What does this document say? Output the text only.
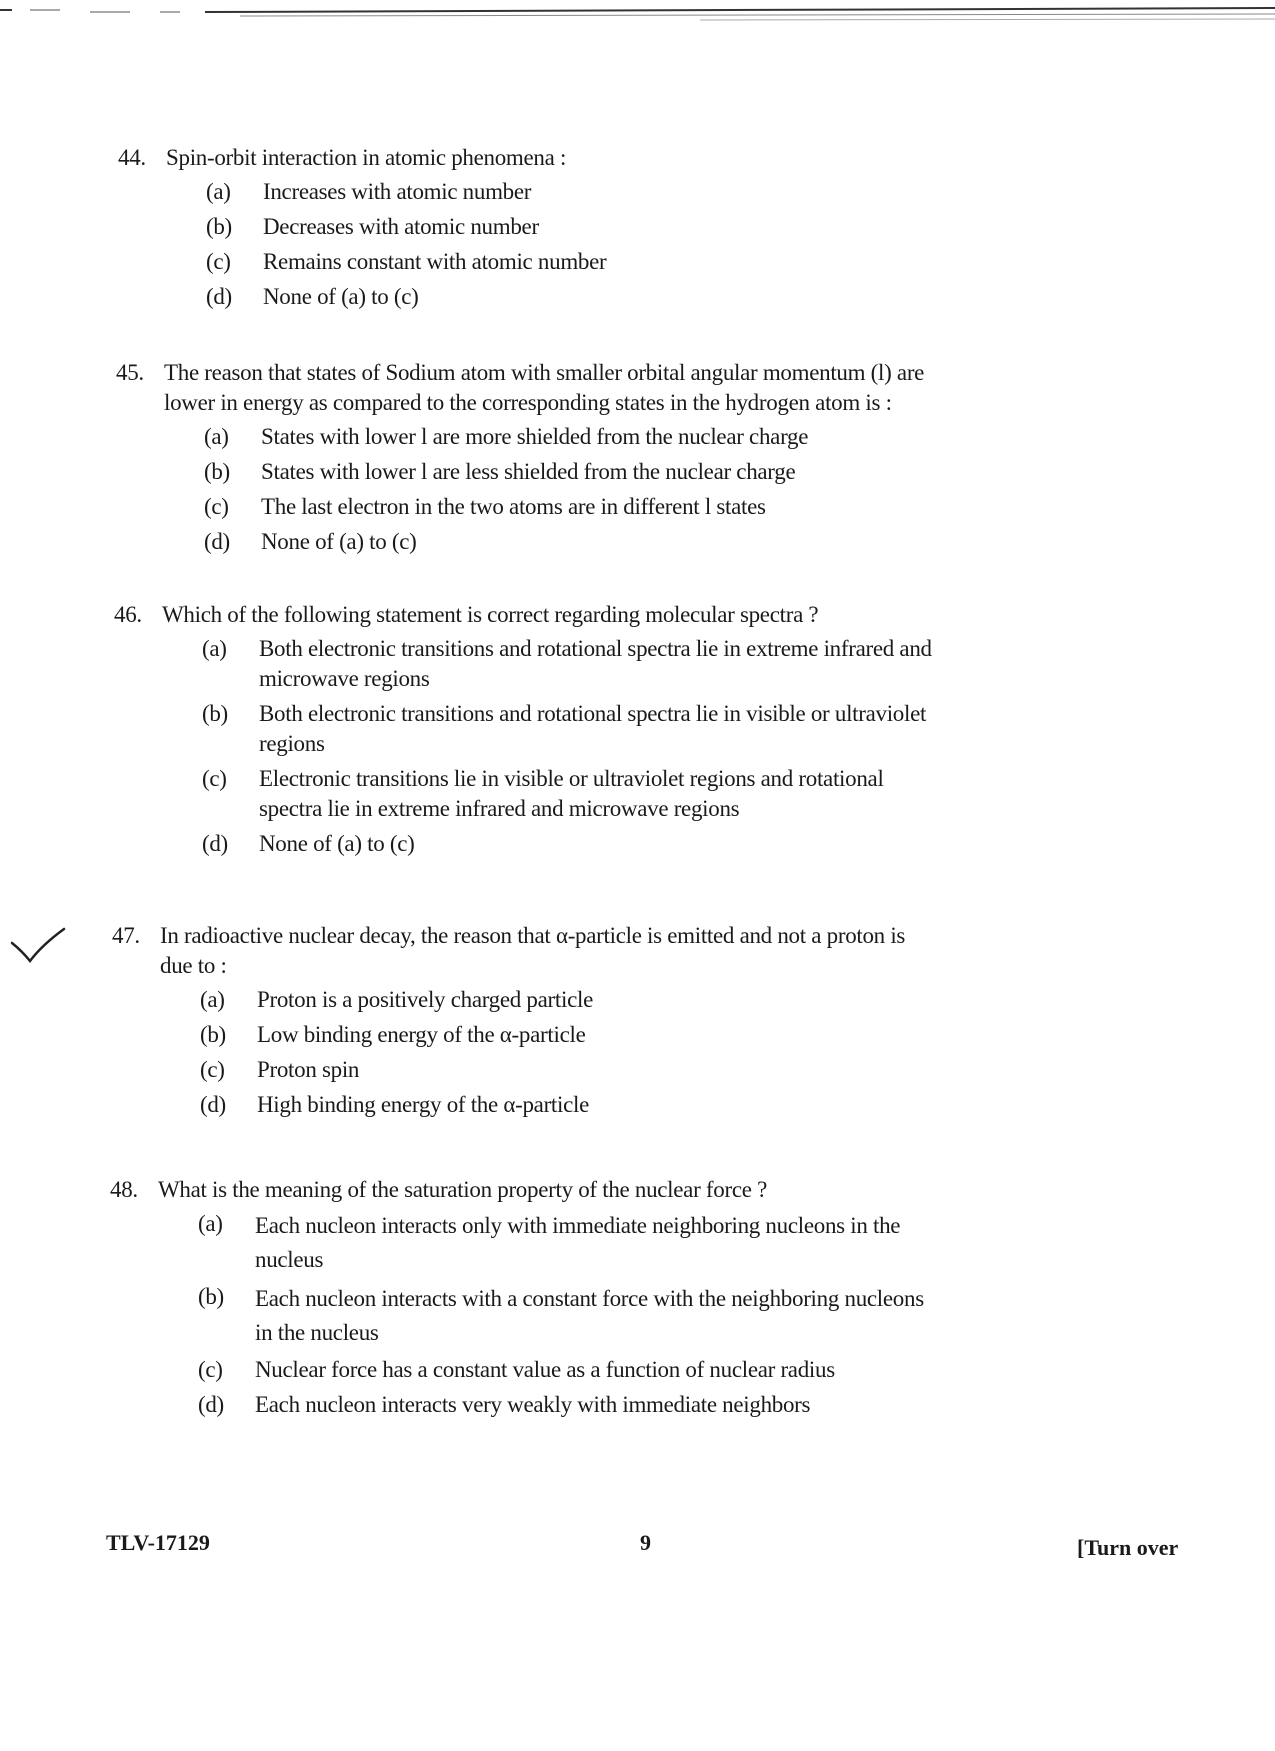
44. Spin-orbit interaction in atomic phenomena :
(a) Increases with atomic number
(b) Decreases with atomic number
(c) Remains constant with atomic number
(d) None of (a) to (c)
45. The reason that states of Sodium atom with smaller orbital angular momentum (l) are lower in energy as compared to the corresponding states in the hydrogen atom is :
(a) States with lower l are more shielded from the nuclear charge
(b) States with lower l are less shielded from the nuclear charge
(c) The last electron in the two atoms are in different l states
(d) None of (a) to (c)
46. Which of the following statement is correct regarding molecular spectra ?
(a) Both electronic transitions and rotational spectra lie in extreme infrared and microwave regions
(b) Both electronic transitions and rotational spectra lie in visible or ultraviolet regions
(c) Electronic transitions lie in visible or ultraviolet regions and rotational spectra lie in extreme infrared and microwave regions
(d) None of (a) to (c)
47. In radioactive nuclear decay, the reason that α-particle is emitted and not a proton is due to :
(a) Proton is a positively charged particle
(b) Low binding energy of the α-particle
(c) Proton spin
(d) High binding energy of the α-particle
48. What is the meaning of the saturation property of the nuclear force ?
(a) Each nucleon interacts only with immediate neighboring nucleons in the nucleus
(b) Each nucleon interacts with a constant force with the neighboring nucleons in the nucleus
(c) Nuclear force has a constant value as a function of nuclear radius
(d) Each nucleon interacts very weakly with immediate neighbors
TLV-17129	9	[Turn over
